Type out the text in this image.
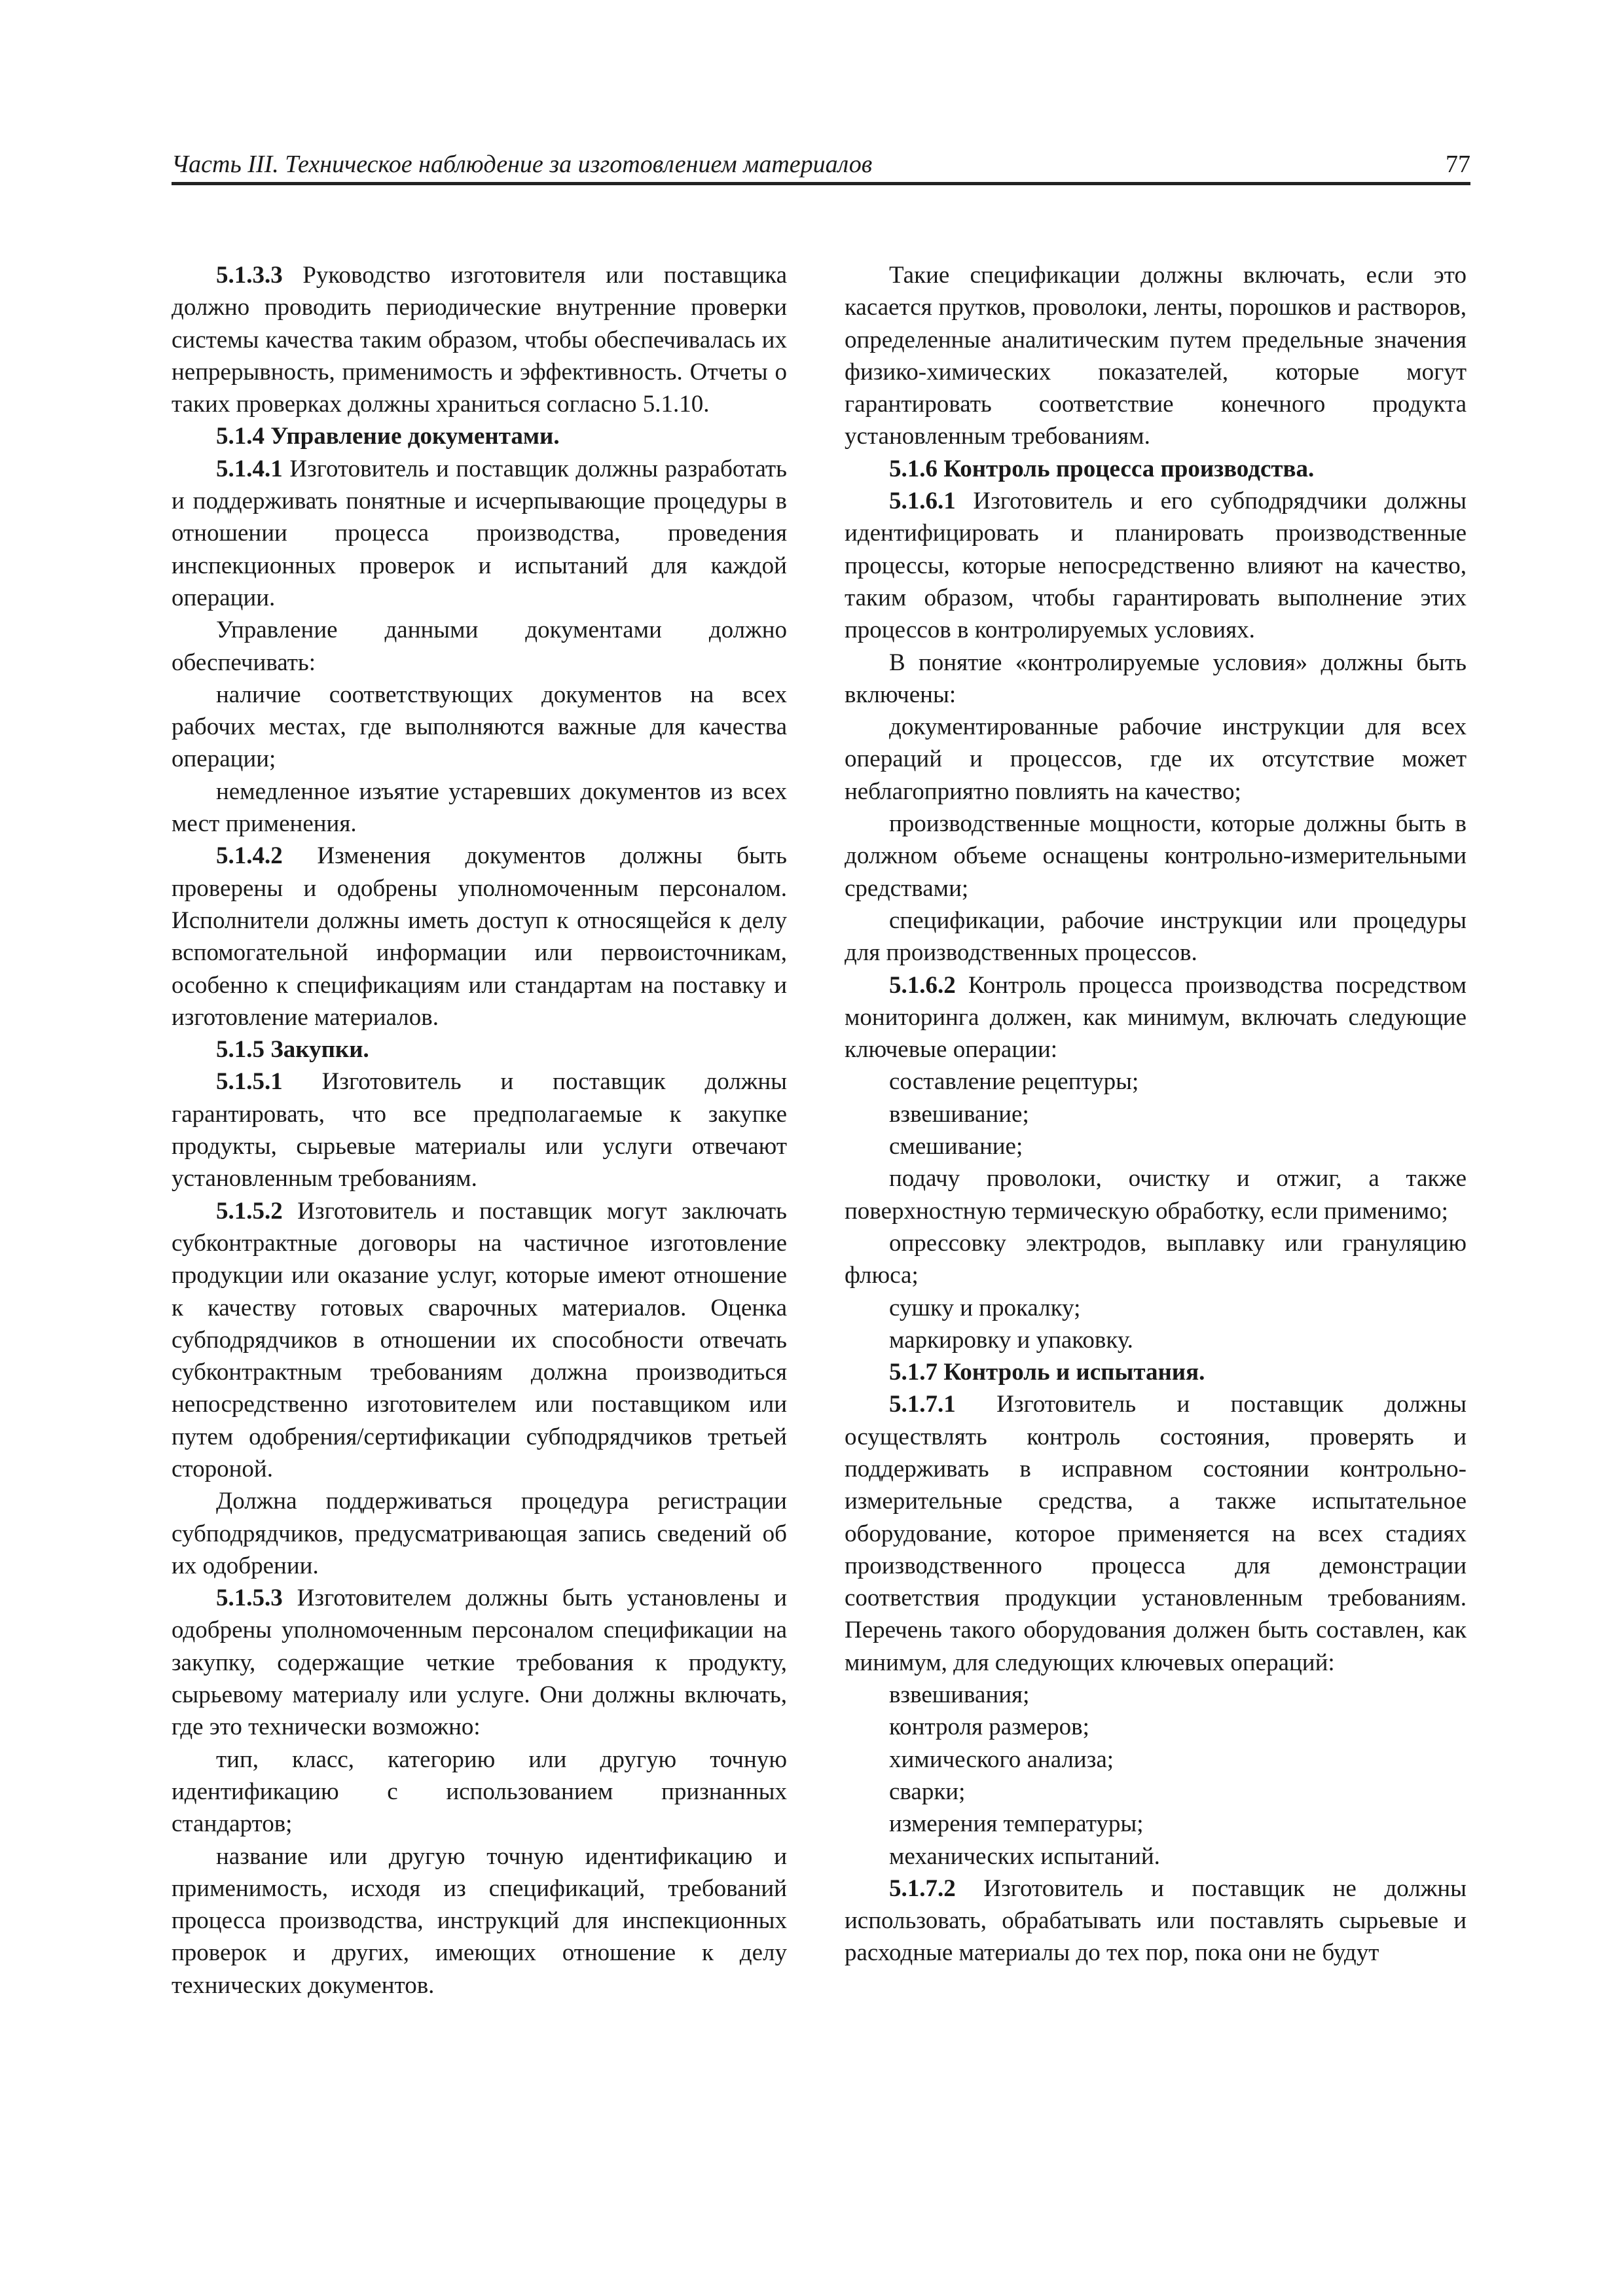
Часть III. Техническое наблюдение за изготовлением материалов	77

5.1.3.3 Руководство изготовителя или поставщика должно проводить периодические внутренние проверки системы качества таким образом, чтобы обеспечивалась их непрерывность, применимость и эффективность. Отчеты о таких проверках должны храниться согласно 5.1.10.

5.1.4 Управление документами.

5.1.4.1 Изготовитель и поставщик должны разработать и поддерживать понятные и исчерпывающие процедуры в отношении процесса производства, проведения инспекционных проверок и испытаний для каждой операции.

Управление данными документами должно обеспечивать:

наличие соответствующих документов на всех рабочих местах, где выполняются важные для качества операции;

немедленное изъятие устаревших документов из всех мест применения.

5.1.4.2 Изменения документов должны быть проверены и одобрены уполномоченным персоналом. Исполнители должны иметь доступ к относящейся к делу вспомогательной информации или первоисточникам, особенно к спецификациям или стандартам на поставку и изготовление материалов.

5.1.5 Закупки.

5.1.5.1 Изготовитель и поставщик должны гарантировать, что все предполагаемые к закупке продукты, сырьевые материалы или услуги отвечают установленным требованиям.

5.1.5.2 Изготовитель и поставщик могут заключать субконтрактные договоры на частичное изготовление продукции или оказание услуг, которые имеют отношение к качеству готовых сварочных материалов. Оценка субподрядчиков в отношении их способности отвечать субконтрактным требованиям должна производиться непосредственно изготовителем или поставщиком или путем одобрения/сертификации субподрядчиков третьей стороной.

Должна поддерживаться процедура регистрации субподрядчиков, предусматривающая запись сведений об их одобрении.

5.1.5.3 Изготовителем должны быть установлены и одобрены уполномоченным персоналом спецификации на закупку, содержащие четкие требования к продукту, сырьевому материалу или услуге. Они должны включать, где это технически возможно:

тип, класс, категорию или другую точную идентификацию с использованием признанных стандартов;

название или другую точную идентификацию и применимость, исходя из спецификаций, требований процесса производства, инструкций для инспекционных проверок и других, имеющих отношение к делу технических документов.

Такие спецификации должны включать, если это касается прутков, проволоки, ленты, порошков и растворов, определенные аналитическим путем предельные значения физико-химических показателей, которые могут гарантировать соответствие конечного продукта установленным требованиям.

5.1.6 Контроль процесса производства.

5.1.6.1 Изготовитель и его субподрядчики должны идентифицировать и планировать производственные процессы, которые непосредственно влияют на качество, таким образом, чтобы гарантировать выполнение этих процессов в контролируемых условиях.

В понятие «контролируемые условия» должны быть включены:

документированные рабочие инструкции для всех операций и процессов, где их отсутствие может неблагоприятно повлиять на качество;

производственные мощности, которые должны быть в должном объеме оснащены контрольно-измерительными средствами;

спецификации, рабочие инструкции или процедуры для производственных процессов.

5.1.6.2 Контроль процесса производства посредством мониторинга должен, как минимум, включать следующие ключевые операции:

составление рецептуры;

взвешивание;

смешивание;

подачу проволоки, очистку и отжиг, а также поверхностную термическую обработку, если применимо;

опрессовку электродов, выплавку или грануляцию флюса;

сушку и прокалку;

маркировку и упаковку.

5.1.7 Контроль и испытания.

5.1.7.1 Изготовитель и поставщик должны осуществлять контроль состояния, проверять и поддерживать в исправном состоянии контрольно-измерительные средства, а также испытательное оборудование, которое применяется на всех стадиях производственного процесса для демонстрации соответствия продукции установленным требованиям. Перечень такого оборудования должен быть составлен, как минимум, для следующих ключевых операций:

взвешивания;

контроля размеров;

химического анализа;

сварки;

измерения температуры;

механических испытаний.

5.1.7.2 Изготовитель и поставщик не должны использовать, обрабатывать или поставлять сырьевые и расходные материалы до тех пор, пока они не будут
